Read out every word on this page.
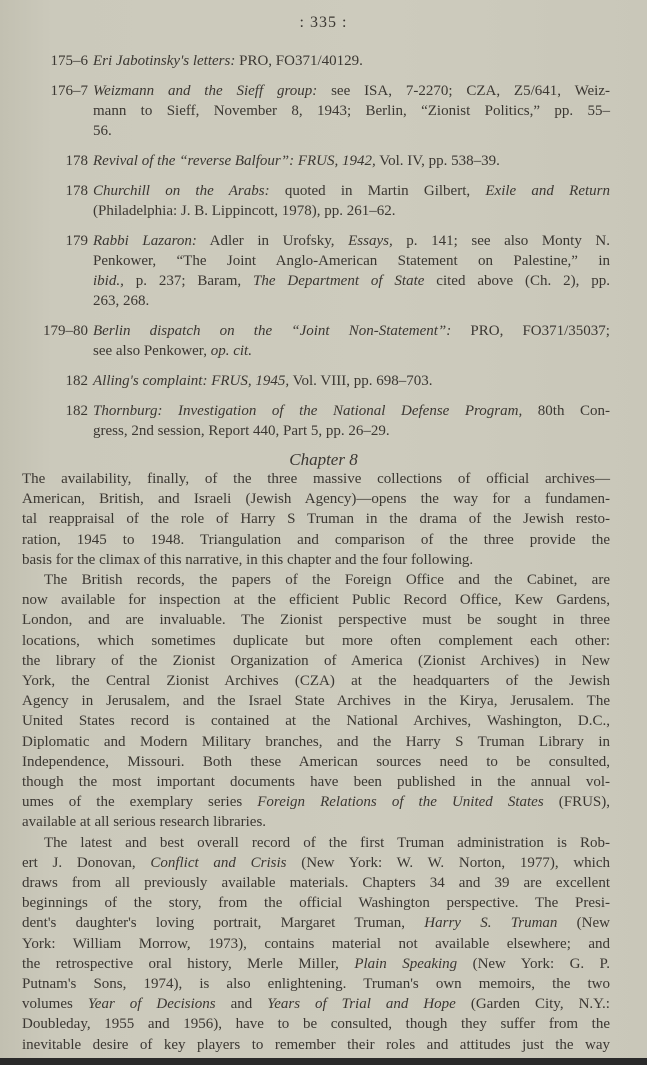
: 335 :
175–6 Eri Jabotinsky's letters: PRO, FO371/40129.
176–7 Weizmann and the Sieff group: see ISA, 7-2270; CZA, Z5/641, Weiz-
mann to Sieff, November 8, 1943; Berlin, “Zionist Politics,” pp. 55–
56.
178 Revival of the “reverse Balfour”: FRUS, 1942, Vol. IV, pp. 538–39.
178 Churchill on the Arabs: quoted in Martin Gilbert, Exile and Return
(Philadelphia: J. B. Lippincott, 1978), pp. 261–62.
179 Rabbi Lazaron: Adler in Urofsky, Essays, p. 141; see also Monty N.
Penkower, “The Joint Anglo-American Statement on Palestine,” in
ibid., p. 237; Baram, The Department of State cited above (Ch. 2), pp.
263, 268.
179–80 Berlin dispatch on the “Joint Non-Statement”: PRO, FO371/35037;
see also Penkower, op. cit.
182 Alling's complaint: FRUS, 1945, Vol. VIII, pp. 698–703.
182 Thornburg: Investigation of the National Defense Program, 80th Con-
gress, 2nd session, Report 440, Part 5, pp. 26–29.
Chapter 8
The availability, finally, of the three massive collections of official archives—
American, British, and Israeli (Jewish Agency)—opens the way for a fundamen-
tal reappraisal of the role of Harry S Truman in the drama of the Jewish resto-
ration, 1945 to 1948. Triangulation and comparison of the three provide the
basis for the climax of this narrative, in this chapter and the four following.
The British records, the papers of the Foreign Office and the Cabinet, are
now available for inspection at the efficient Public Record Office, Kew Gardens,
London, and are invaluable. The Zionist perspective must be sought in three
locations, which sometimes duplicate but more often complement each other:
the library of the Zionist Organization of America (Zionist Archives) in New
York, the Central Zionist Archives (CZA) at the headquarters of the Jewish
Agency in Jerusalem, and the Israel State Archives in the Kirya, Jerusalem. The
United States record is contained at the National Archives, Washington, D.C.,
Diplomatic and Modern Military branches, and the Harry S Truman Library in
Independence, Missouri. Both these American sources need to be consulted,
though the most important documents have been published in the annual vol-
umes of the exemplary series Foreign Relations of the United States (FRUS),
available at all serious research libraries.
The latest and best overall record of the first Truman administration is Rob-
ert J. Donovan, Conflict and Crisis (New York: W. W. Norton, 1977), which
draws from all previously available materials. Chapters 34 and 39 are excellent
beginnings of the story, from the official Washington perspective. The Presi-
dent's daughter's loving portrait, Margaret Truman, Harry S. Truman (New
York: William Morrow, 1973), contains material not available elsewhere; and
the retrospective oral history, Merle Miller, Plain Speaking (New York: G. P.
Putnam's Sons, 1974), is also enlightening. Truman's own memoirs, the two
volumes Year of Decisions and Years of Trial and Hope (Garden City, N.Y.:
Doubleday, 1955 and 1956), have to be consulted, though they suffer from the
inevitable desire of key players to remember their roles and attitudes just the way
